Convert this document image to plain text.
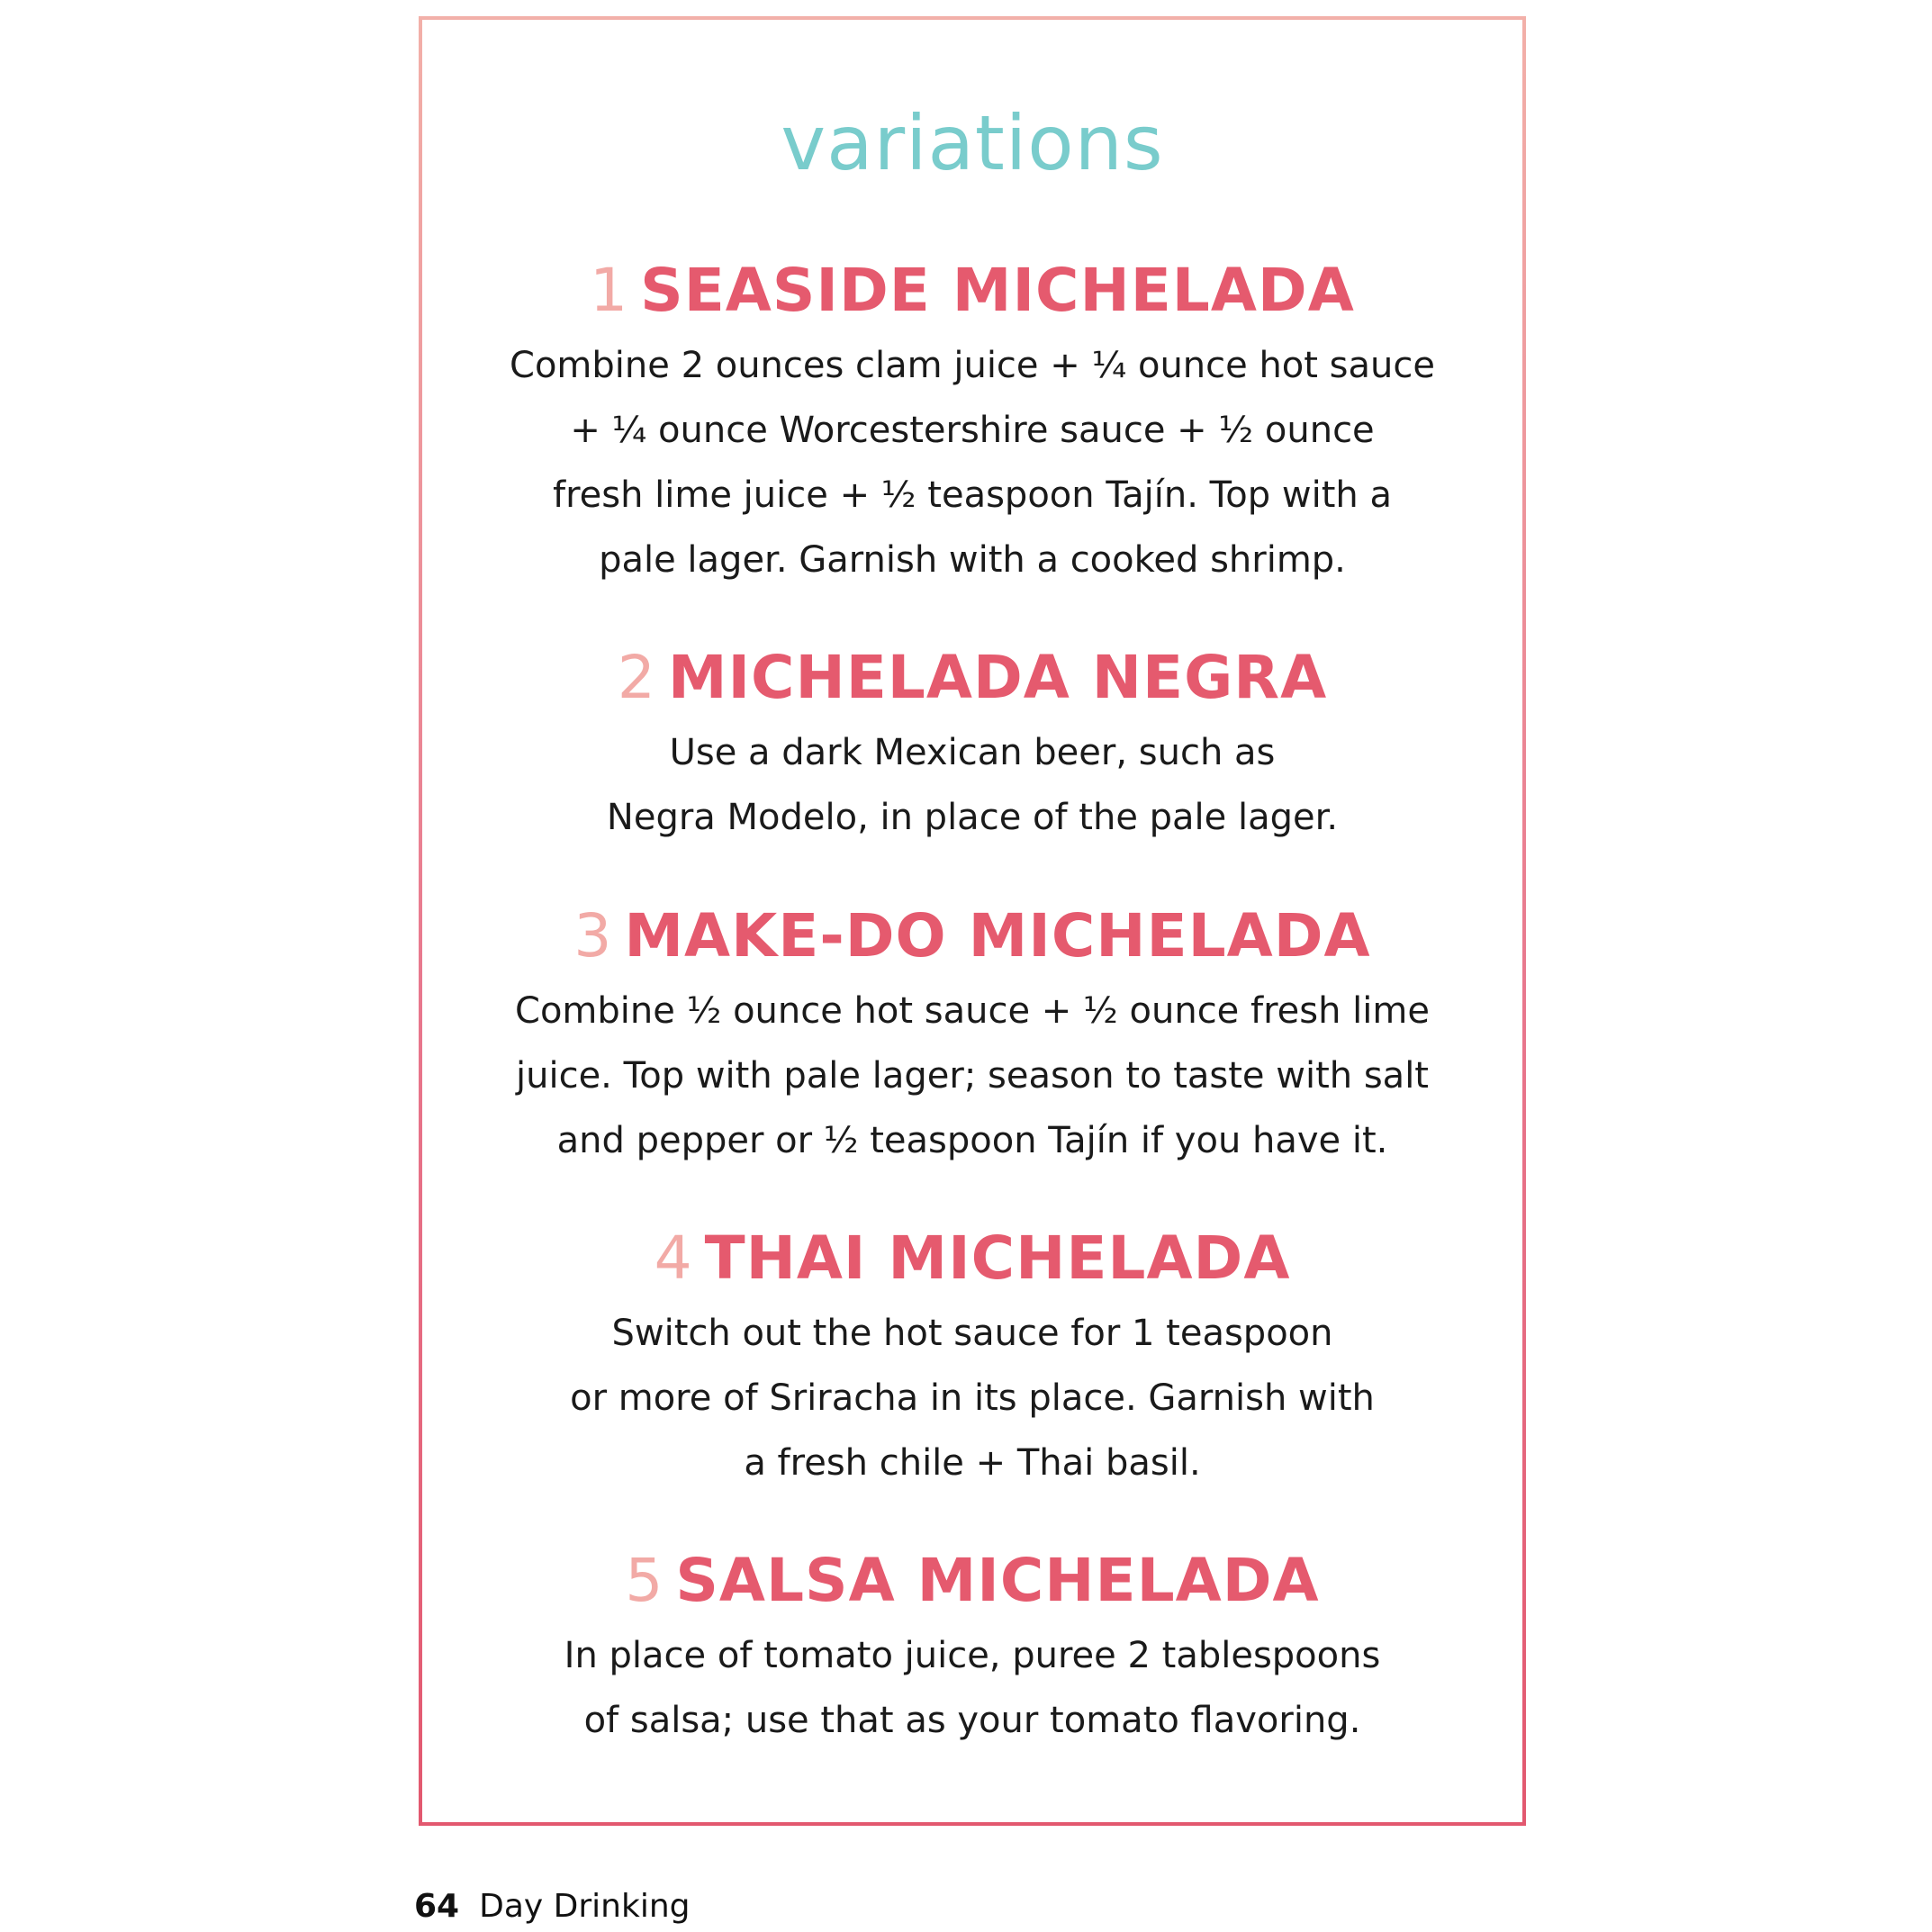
variations
1 SEASIDE MICHELADA

Combine 2 ounces clam juice + ¼ ounce hot sauce
+ ¼ ounce Worcestershire sauce + ½ ounce
fresh lime juice + ½ teaspoon Tajín. Top with a
pale lager. Garnish with a cooked shrimp.

2 MICHELADA NEGRA

Use a dark Mexican beer, such as
Negra Modelo, in place of the pale lager.

3 MAKE-DO MICHELADA

Combine ½ ounce hot sauce + ½ ounce fresh lime
juice. Top with pale lager; season to taste with salt
and pepper or ½ teaspoon Tajín if you have it.

4 THAI MICHELADA

Switch out the hot sauce for 1 teaspoon
or more of Sriracha in its place. Garnish with
a fresh chile + Thai basil.

5 SALSA MICHELADA

In place of tomato juice, puree 2 tablespoons
of salsa; use that as your tomato flavoring.

64 Day Drinking
